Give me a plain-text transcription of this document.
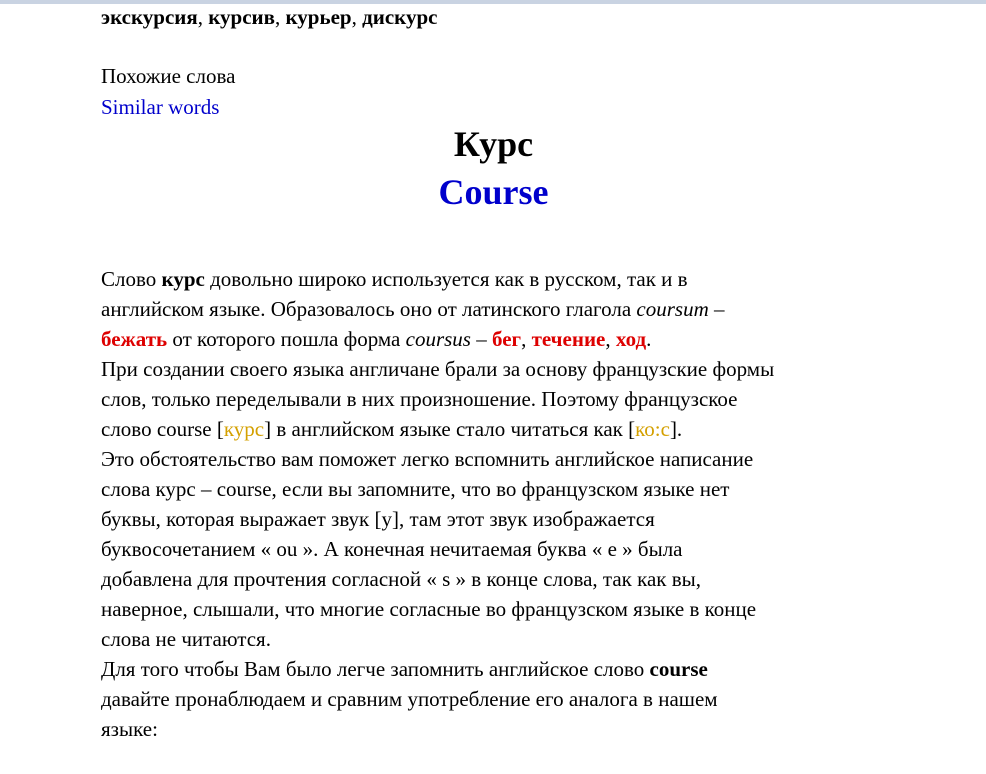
экскурсия, курсив, курьер, дискурс
Похожие слова
Similar words
Курс
Course
Слово курс довольно широко используется как в русском, так и в
английском языке. Образовалось оно от латинского глагола coursum –
бежать от которого пошла форма coursus – бег, течение, ход.
При создании своего языка англичане брали за основу французские формы
слов, только переделывали в них произношение. Поэтому французское
слово course [курс] в английском языке стало читаться как [ко:с].
Это обстоятельство вам поможет легко вспомнить английское написание
слова курс – course, если вы запомните, что во французском языке нет
буквы, которая выражает звук [у], там этот звук изображается
буквосочетанием « ou ». А конечная нечитаемая буква « e » была
добавлена для прочтения согласной « s » в конце слова, так как вы,
наверное, слышали, что многие согласные во французском языке в конце
слова не читаются.
Для того чтобы Вам было легче запомнить английское слово course
давайте пронаблюдаем и сравним употребление его аналога в нашем
языке:
